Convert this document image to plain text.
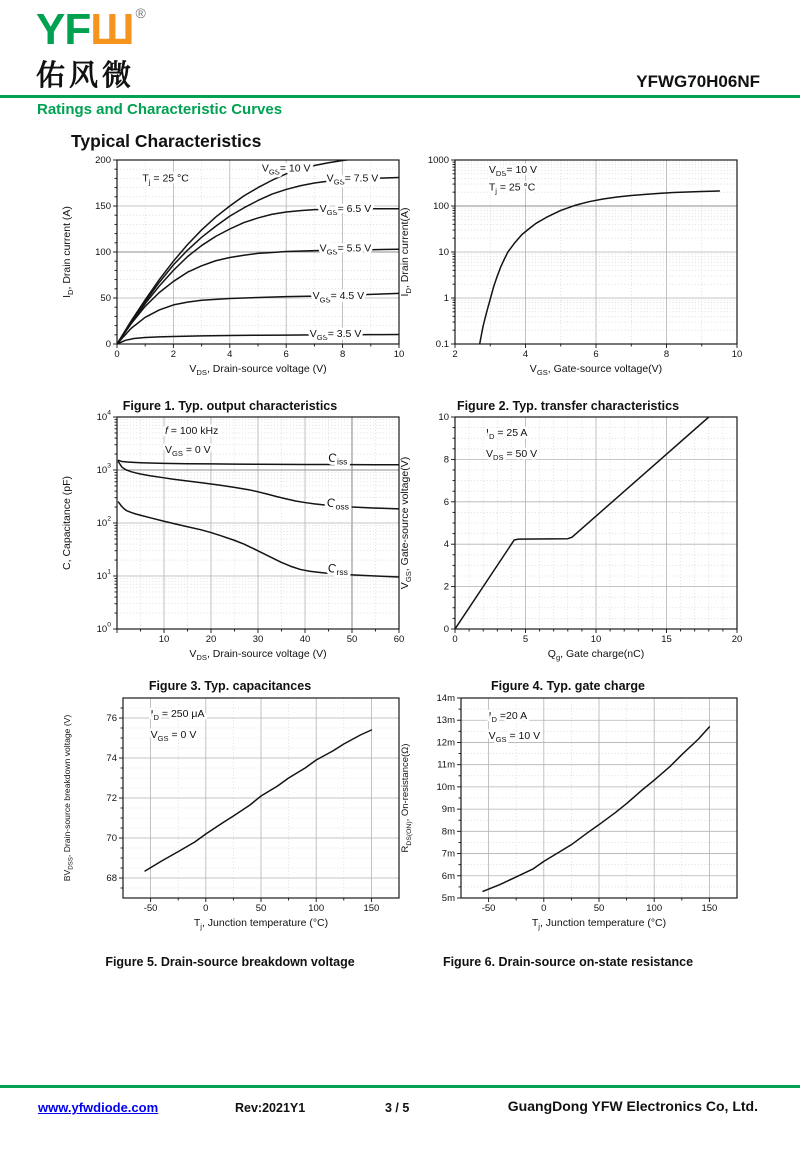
YFШ ®
佑风微	YFWG70H06NF
Ratings and Characteristic Curves
Typical Characteristics
0	2	4	6	8	10
0
50
100
150
200
$V_{GS}= 10$ V
$V_{GS}= 7.5$ V
$V_{GS}= 6.5$ V
$V_{GS}= 5.5$ V
$V_{GS}= 4.5$ V
$V_{GS}= 3.5$ V
$T_j = 25$ °C
$V_{DS}$, Drain-source voltage (V)
$I_D$, Drain current (A)
Figure 1. Typ. output characteristics
2	4	6	8	10
0.1
1
10
100
1000
$V_{DS}= 10$ V
$T_j = 25$ °C
$V_{GS}$, Gate-source voltage(V)
$I_D$, Drain current(A)
Figure 2. Typ. transfer characteristics
10	20	30	40	50	60
$10^0$
$10^1$
$10^2$
$10^3$
$10^4$
$C_{iss}$
$C_{oss}$
$C_{rss}$
f = 100 kHz
$V_{GS} = 0$ V
$V_{DS}$, Drain-source voltage (V)
C, Capacitance (pF)
Figure 3. Typ. capacitances
0	5	10	15	20
0
2
4
6
8
10
$I_D = 25$ A
$V_{DS} = 50$ V
$Q_g$, Gate charge(nC)
$V_{GS}$, Gate-source voltage(V)
Figure 4. Typ. gate charge
-50	0	50	100	150
68
70
72
74
76	$I_D = 250$ μA
$V_{GS} = 0$ V
$T_j$, Junction temperature (°C)
$BV_{DSS}$, Drain-source breakdown voltage (V)
Figure 5. Drain-source breakdown voltage
-50	0	50	100	150
5m
6m
7m
8m
9m
10m
11m
12m
13m
14m
$I_D =20$ A
$V_{GS} = 10$ V
$T_j$, Junction temperature (°C)
$R_{DS(ON)}$, On-resistance(Ω)
Figure 6. Drain-source on-state resistance
www.yfwdiode.com	Rev:2021Y1	3 / 5	GuangDong YFW Electronics Co, Ltd.
